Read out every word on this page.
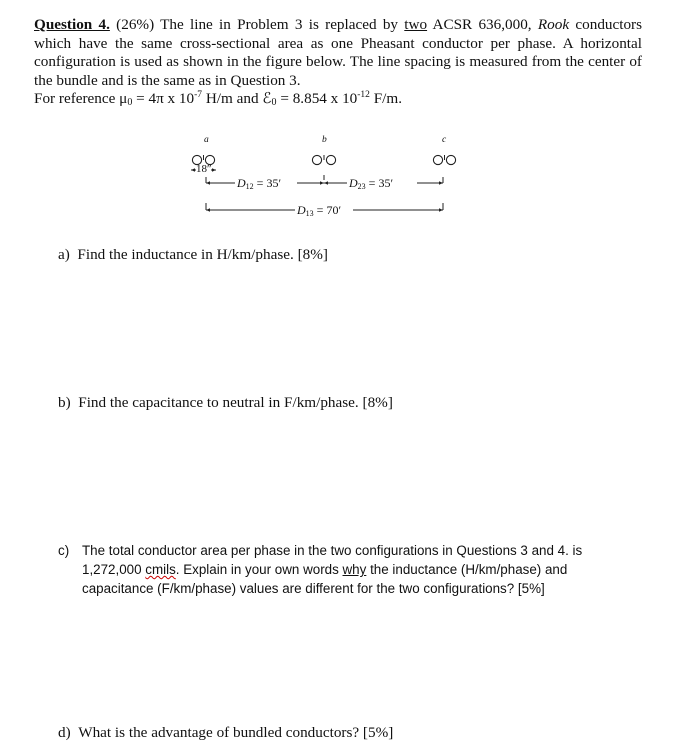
Question 4. (26%) The line in Problem 3 is replaced by two ACSR 636,000, Rook conductors which have the same cross-sectional area as one Pheasant conductor per phase. A horizontal configuration is used as shown in the figure below. The line spacing is measured from the center of the bundle and is the same as in Question 3.

For reference μ0 = 4π x $10^{-7}$ H/m and ℰ0 = 8.854 x $10^{-12}$ F/m.

a	b	c
18″
$D_{12} = 35'$	$D_{23} = 35'$
$D_{13} = 70'$
a) Find the inductance in H/km/phase. [8%]
b) Find the capacitance to neutral in F/km/phase. [8%]
c) The total conductor area per phase in the two configurations in Questions 3 and 4. is 1,272,000 cmils. Explain in your own words why the inductance (H/km/phase) and capacitance (F/km/phase) values are different for the two configurations? [5%]
d) What is the advantage of bundled conductors? [5%]
